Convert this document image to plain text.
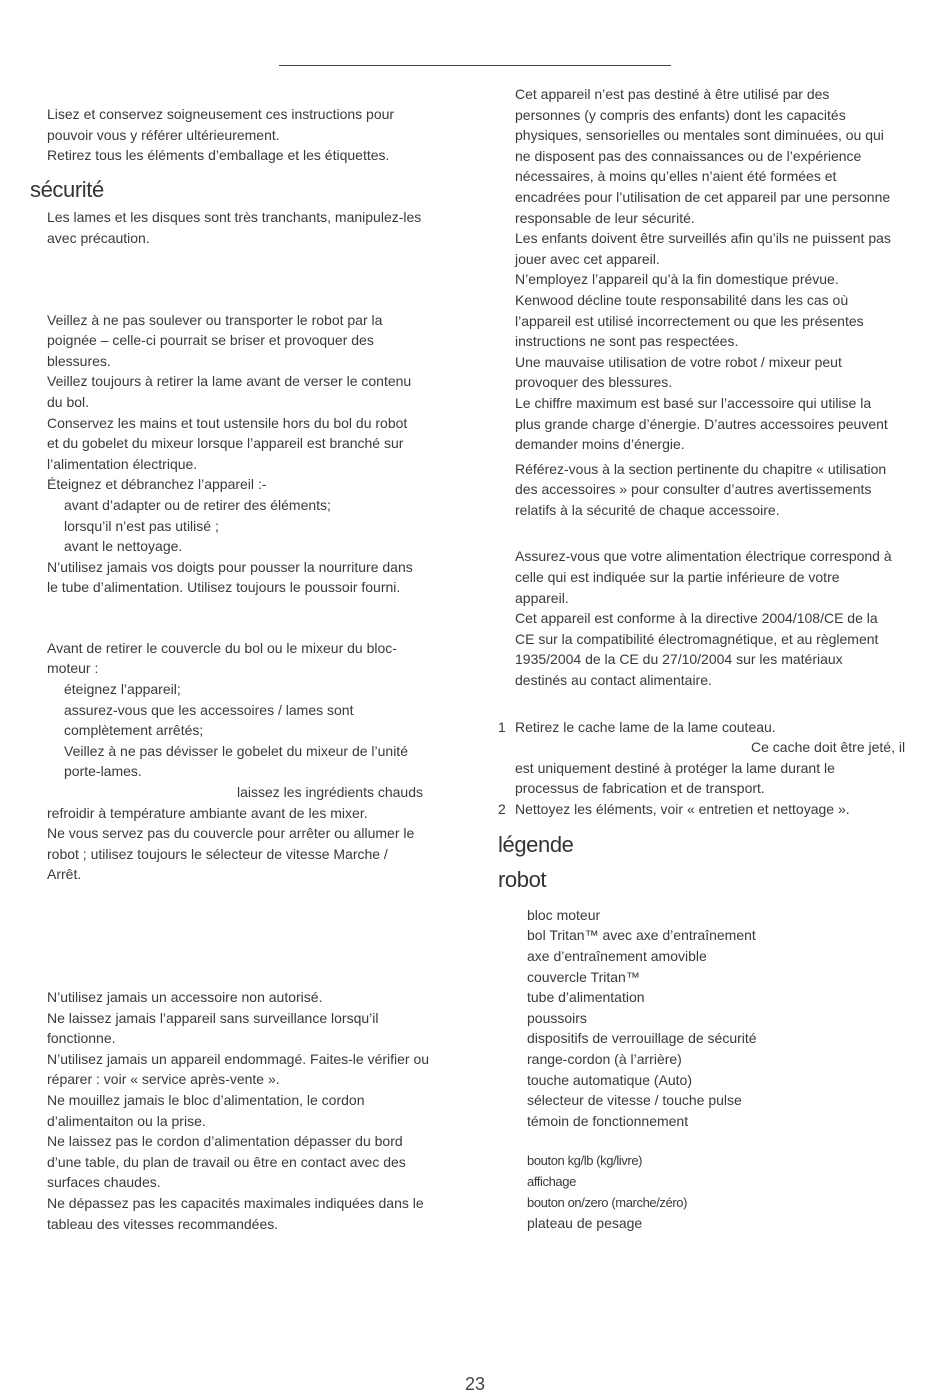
Lisez et conservez soigneusement ces instructions pour

pouvoir vous y référer ultérieurement.

Retirez tous les éléments d’emballage et les étiquettes.

sécurité

Les lames et les disques sont très tranchants, manipulez-les

avec précaution.

Veillez à ne pas soulever ou transporter le robot par la

poignée – celle-ci pourrait se briser et provoquer des

blessures.

Veillez toujours à retirer la lame avant de verser le contenu

du bol.

Conservez les mains et tout ustensile hors du bol du robot

et du gobelet du mixeur lorsque l’appareil est branché sur

l’alimentation électrique.

Éteignez et débranchez l’appareil :-

avant d’adapter ou de retirer des éléments;

lorsqu’il n’est pas utilisé ;

avant le nettoyage.

N’utilisez jamais vos doigts pour pousser la nourriture dans

le tube d’alimentation. Utilisez toujours le poussoir fourni.

Avant de retirer le couvercle du bol ou le mixeur du bloc-

moteur :

éteignez l’appareil;

assurez-vous que les accessoires / lames sont

complètement arrêtés;

Veillez à ne pas dévisser le gobelet du mixeur de l’unité

porte-lames.

laissez les ingrédients chauds

refroidir à température ambiante avant de les mixer.

Ne vous servez pas du couvercle pour arrêter ou allumer le

robot ; utilisez toujours le sélecteur de vitesse Marche /

Arrêt.

N’utilisez jamais un accessoire non autorisé.

Ne laissez jamais l’appareil sans surveillance lorsqu’il

fonctionne.

N’utilisez jamais un appareil endommagé. Faites-le vérifier ou

réparer : voir « service après-vente ».

Ne mouillez jamais le bloc d’alimentation, le cordon

d’alimentaiton ou la prise.

Ne laissez pas le cordon d’alimentation dépasser du bord

d’une table, du plan de travail ou être en contact avec des

surfaces chaudes.

Ne dépassez pas les capacités maximales indiquées dans le

tableau des vitesses recommandées.

Cet appareil n’est pas destiné à être utilisé par des

personnes (y compris des enfants) dont les capacités

physiques, sensorielles ou mentales sont diminuées, ou qui

ne disposent pas des connaissances ou de l’expérience

nécessaires, à moins qu’elles n’aient été formées et

encadrées pour l’utilisation de cet appareil par une personne

responsable de leur sécurité.

Les enfants doivent être surveillés afin qu’ils ne puissent pas

jouer avec cet appareil.

N’employez l’appareil qu’à la fin domestique prévue.

Kenwood décline toute responsabilité dans les cas où

l’appareil est utilisé incorrectement ou que les présentes

instructions ne sont pas respectées.

Une mauvaise utilisation de votre robot / mixeur peut

provoquer des blessures.

Le chiffre maximum est basé sur l’accessoire qui utilise la

plus grande charge d’énergie. D’autres accessoires peuvent

demander moins d’énergie.

Référez-vous à la section pertinente du chapitre « utilisation

des accessoires » pour consulter d’autres avertissements

relatifs à la sécurité de chaque accessoire.

Assurez-vous que votre alimentation électrique correspond à

celle qui est indiquée sur la partie inférieure de votre

appareil.

Cet appareil est conforme à la directive 2004/108/CE de la

CE sur la compatibilité électromagnétique, et au règlement

1935/2004 de la CE du 27/10/2004 sur les matériaux

destinés au contact alimentaire.

1 Retirez le cache lame de la lame couteau.

Ce cache doit être jeté, il

est uniquement destiné à protéger la lame durant le

processus de fabrication et de transport.

2 Nettoyez les éléments, voir « entretien et nettoyage ».

légende
robot

bloc moteur

bol Tritan™ avec axe d’entraînement

axe d’entraînement amovible

couvercle Tritan™

tube d’alimentation

poussoirs

dispositifs de verrouillage de sécurité

range-cordon (à l’arrière)

touche automatique (Auto)

sélecteur de vitesse / touche pulse

témoin de fonctionnement

bouton kg/lb (kg/livre)

affichage

bouton on/zero (marche/zéro)

plateau de pesage

23
